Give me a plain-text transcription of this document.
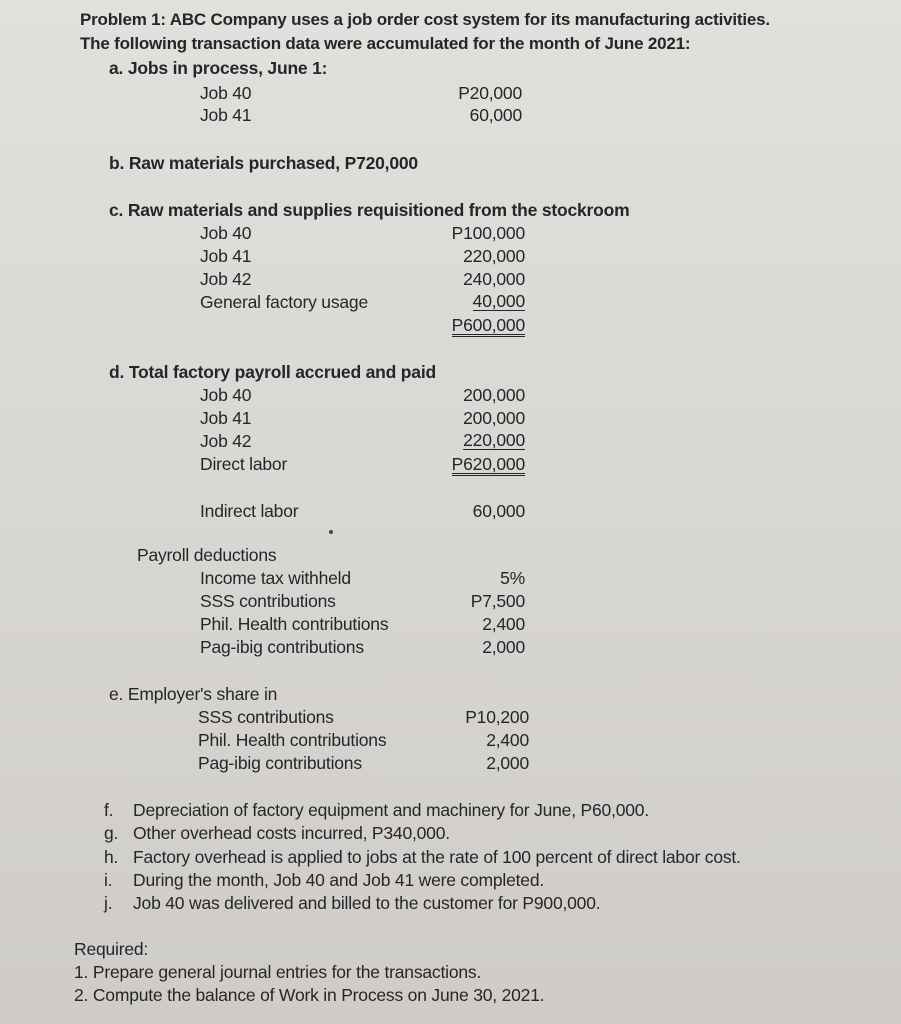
Problem 1: ABC Company uses a job order cost system for its manufacturing activities.
The following transaction data were accumulated for the month of June 2021:
a. Jobs in process, June 1:
Job 40	P20,000
Job 41	60,000
b. Raw materials purchased, P720,000
c. Raw materials and supplies requisitioned from the stockroom
Job 40	P100,000
Job 41	220,000
Job 42	240,000
General factory usage	40,000
P600,000
d. Total factory payroll accrued and paid
Job 40	200,000
Job 41	200,000
Job 42	220,000
Direct labor	P620,000
Indirect labor	60,000
Payroll deductions
Income tax withheld	5%
SSS contributions	P7,500
Phil. Health contributions	2,400
Pag-ibig contributions	2,000
e. Employer's share in
SSS contributions	P10,200
Phil. Health contributions	2,400
Pag-ibig contributions	2,000
f. Depreciation of factory equipment and machinery for June, P60,000.
g. Other overhead costs incurred, P340,000.
h. Factory overhead is applied to jobs at the rate of 100 percent of direct labor cost.
i. During the month, Job 40 and Job 41 were completed.
j. Job 40 was delivered and billed to the customer for P900,000.
Required:
1. Prepare general journal entries for the transactions.
2. Compute the balance of Work in Process on June 30, 2021.
